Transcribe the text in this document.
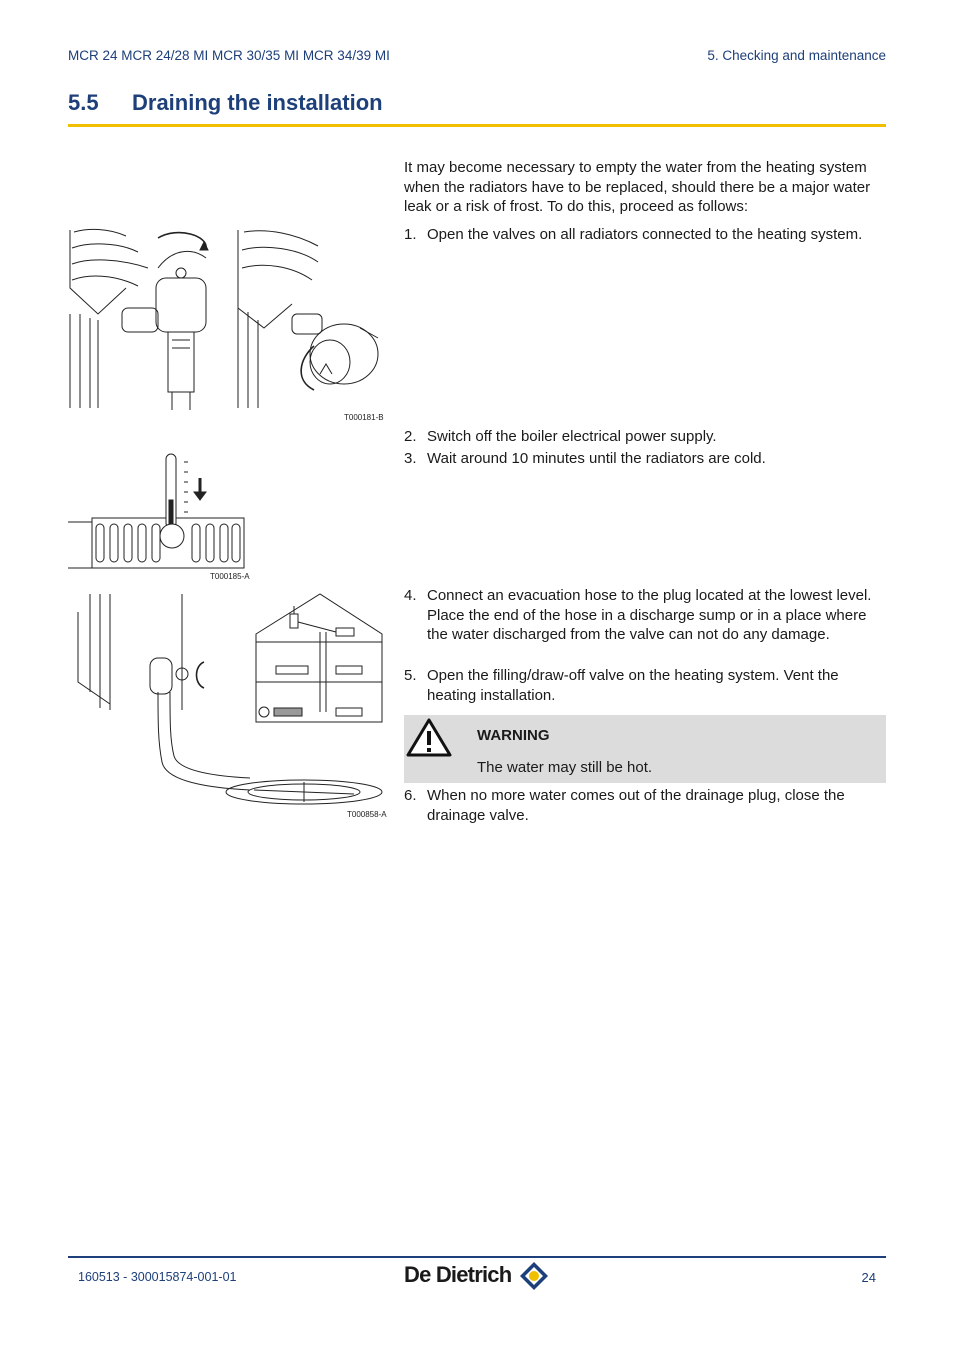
MCR 24 MCR 24/28 MI MCR 30/35 MI MCR 34/39 MI	5. Checking and maintenance
5.5 Draining the installation
It may become necessary to empty the water from the heating system when the radiators have to be replaced, should there be a major water leak or a risk of frost. To do this, proceed as follows:
1. Open the valves on all radiators connected to the heating system.
2. Switch off the boiler electrical power supply.
3. Wait around 10 minutes until the radiators are cold.
4. Connect an evacuation hose to the plug located at the lowest level. Place the end of the hose in a discharge sump or in a place where the water discharged from the valve can not do any damage.
5. Open the filling/draw-off valve on the heating system. Vent the heating installation.
WARNING
The water may still be hot.
6. When no more water comes out of the drainage plug, close the drainage valve.
T000181-B
T000185-A
T000858-A
160513 - 300015874-001-01	De Dietrich	24
